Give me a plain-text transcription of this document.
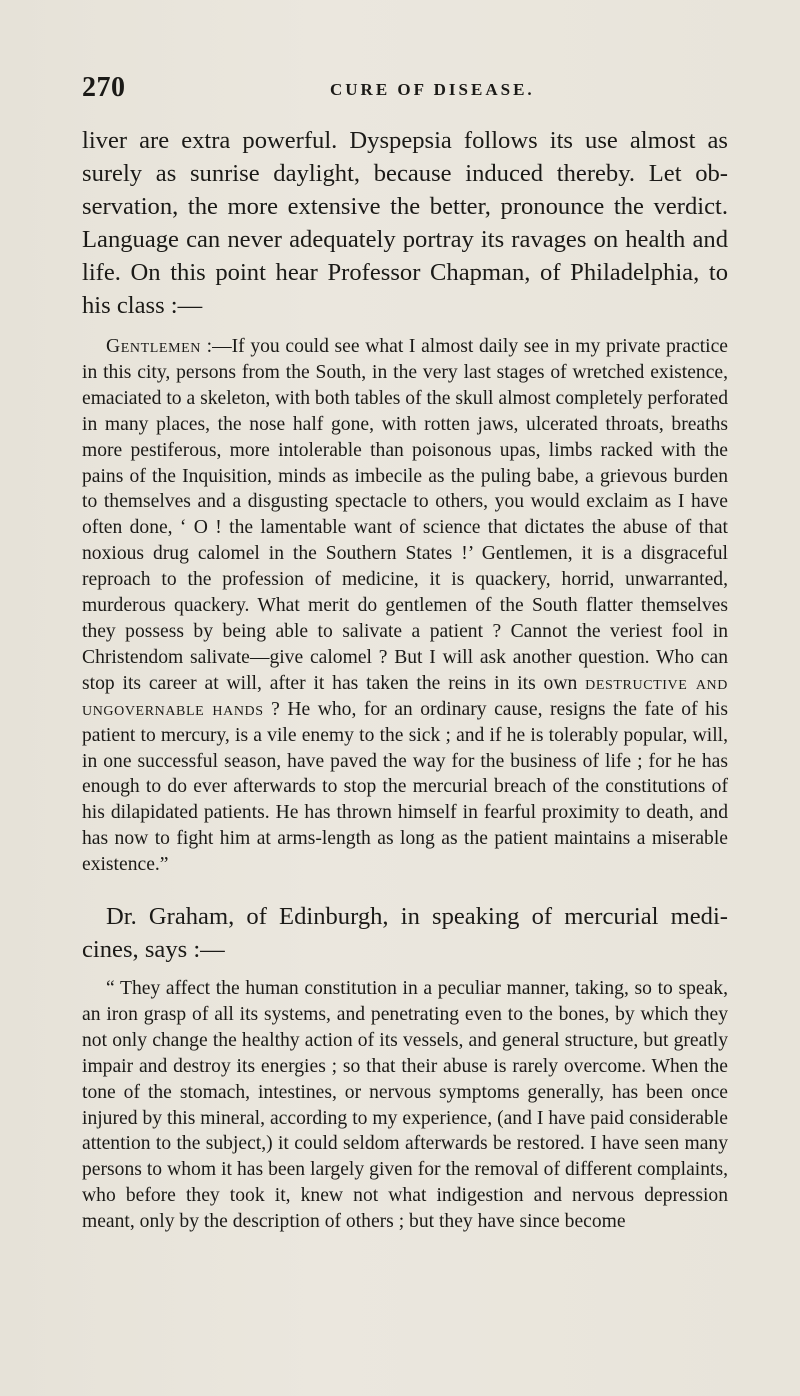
270	CURE OF DISEASE.

liver are extra powerful. Dyspepsia follows its use almost as surely as sunrise daylight, because induced thereby. Let observation, the more extensive the better, pronounce the verdict. Language can never adequately portray its ravages on health and life. On this point hear Professor Chapman, of Philadelphia, to his class :—

Gentlemen :—If you could see what I almost daily see in my private practice in this city, persons from the South, in the very last stages of wretched existence, emaciated to a skeleton, with both tables of the skull almost completely perforated in many places, the nose half gone, with rotten jaws, ulcerated throats, breaths more pestiferous, more intolerable than poisonous upas, limbs racked with the pains of the Inquisition, minds as imbecile as the puling babe, a grievous burden to themselves and a disgusting spectacle to others, you would exclaim as I have often done, ‘ O ! the lamentable want of science that dictates the abuse of that noxious drug calomel in the Southern States !’ Gentlemen, it is a disgraceful reproach to the profession of medicine, it is quackery, horrid, unwarranted, murderous quackery. What merit do gentlemen of the South flatter themselves they possess by being able to salivate a patient ? Cannot the veriest fool in Christendom salivate—give calomel ? But I will ask another question. Who can stop its career at will, after it has taken the reins in its own destructive and ungovernable hands ? He who, for an ordinary cause, resigns the fate of his patient to mercury, is a vile enemy to the sick ; and if he is tolerably popular, will, in one successful season, have paved the way for the business of life ; for he has enough to do ever afterwards to stop the mercurial breach of the constitutions of his dilapidated patients. He has thrown himself in fearful proximity to death, and has now to fight him at arms-length as long as the patient maintains a miserable existence.”

Dr. Graham, of Edinburgh, in speaking of mercurial medicines, says :—

“ They affect the human constitution in a peculiar manner, taking, so to speak, an iron grasp of all its systems, and penetrating even to the bones, by which they not only change the healthy action of its vessels, and general structure, but greatly impair and destroy its energies ; so that their abuse is rarely overcome. When the tone of the stomach, intestines, or nervous symptoms generally, has been once injured by this mineral, according to my experience, (and I have paid considerable attention to the subject,) it could seldom afterwards be restored. I have seen many persons to whom it has been largely given for the removal of different complaints, who before they took it, knew not what indigestion and nervous depression meant, only by the description of others ; but they have since become
